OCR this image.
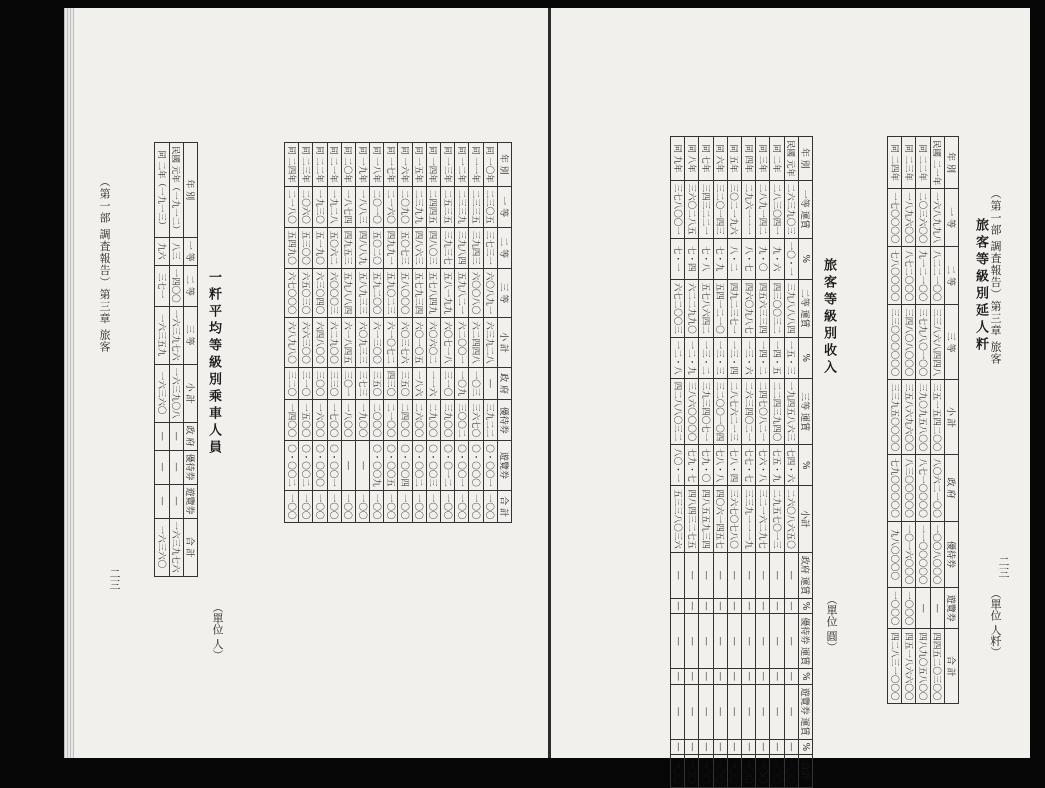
（第一部 調査報告）第三章 旅客
二三
年 別	一 等	二 等	三 等	小 計	政 府	優待券	遊覽券	合 計
民國 元年（一九一二）	八三	一四〇〇	一六三九七六	一六三九〇八	―	―	―	一六三九七六
同 二年（一九一三）	九六	三七一	一六三五九	一六三六〇	―	―	―	一六三六〇
一粁平均等級別乘車人員
（單位 人）
年 別	一 等	二 等	三 等	小 計	政 府	優待券	遊覽券	合 計
同 一〇年	二三〇五	三七三一	六〇八九一	六三九二八	―	三九二二	〇・〇〇一	一〇〇
同 一一年	二三三五	三九四三	六〇〇八〇	六二四四八	一〇三	三六七〇	〇・〇〇〇	一〇〇
同 一二年	二三三九	三九八四	五九八二一	六二〇〇一	一〇九	三〇〇二	〇・〇〇一	一〇〇
同 一三年	二五三五	三九三七	五八一九九	六〇七一八	三一〇	三九〇〇	〇・〇一二	一〇〇
同 一四年	二四四五	四八〇三	五七八四九	六〇六〇二	一一六	二九〇〇	〇・〇〇三	一〇〇
同 一五年	二三九九	四八六三	五七九三四	六〇一〇五	一八六	二六〇〇	〇・〇〇二	一〇〇
同 一六年	二〇九〇	五〇七三	五八〇〇〇	六〇三七六	三五〇	二四〇〇	〇・〇〇四	一〇〇
同 一七年	二一六〇	四九九一	五九〇二三	六一〇七二	四三〇	二一〇〇	〇・〇〇五	一〇〇
同 一八年	二〇一〇	五〇二〇	五九二〇〇	六一三〇〇	三五〇	二〇〇〇	〇・〇〇九	一〇〇
同 一九年	一八八三	四八八九	五八九三三	六〇九三三	三七三	一九〇〇	―	一〇〇
同 二〇年	一八七四	四九五三	五九八八四	六一八四五	三〇一	一八〇〇	―	一〇〇
同 二一年	一九二八	五〇六二	六〇〇〇三	六二九〇〇	三三〇	一七〇〇	〇・〇〇一	一〇〇
同 二二年	一九三〇	五一九〇	六三〇四〇	六四八〇〇	三〇〇	一六〇〇	〇・〇〇〇	一〇〇
同 二三年	二〇六〇	五三〇〇	六五〇三〇	六六三〇〇	三一〇	一五〇〇	〇・〇〇二	一〇〇
同 二四年	二一八〇	五四九〇	六七〇〇〇	六八九八〇	三二〇	一四〇〇	〇・〇〇二	一〇〇
年 別	一等 運賃	%	二等 運賃	%	三等 運賃	%	小計	政府 運賃	%	優待券 運賃	%	遊覽券 運賃	%	合計
民國 元年	二六三九〇三	一〇・一	三九八八八四	一五・三	一九四五八六三	七四・六	二六〇八六五〇	―	―	―	―	―	―	一〇〇
同 二年	二八三〇四一	九・六	四三〇〇三二	一四・五	二二四三九四〇	七五・九	二九五七〇一三	―	―	―	―	―	―	一〇〇
同 三年	二八九一四二	九・〇	四五六三三四	一四・二	二四七〇八二一	七六・八	三二一六二九七	―	―	―	―	―	―	一〇〇
同 四年	二九六一一一	八・七	四六〇九八七	一三・六	二六三四〇二一	七七・七	三三九一一一九	―	―	―	―	―	―	一〇〇
同 五年	三〇二一九六	八・二	四九二三七一	一三・四	二八七六二一三	七八・四	三六七〇七八〇	―	―	―	―	―	―	一〇〇
同 六年	三二〇一四三	七・九	五四一二一〇	一三・三	三二〇〇一〇四	七八・八	四〇六一四五七	―	―	―	―	―	―	一〇〇
同 七年	三四三二二一	七・八	五七八六四二	一三・二	三九三四〇七一	七九・〇	四八五五九三四	―	―	―	―	―	―	一〇〇
同 八年	三六〇二八五	七・四	六二二九九〇	一二・九	三八六〇〇〇〇	七九・七	四八四三二七五	―	―	―	―	―	―	一〇〇
同 九年	三七八〇〇一	七・一	六七二〇〇三	一二・八	四二八八〇三二	八〇・一	五三三八〇三六	―	―	―	―	―	―	一〇〇
旅客等級別收入
（單位 圓）
年 別	一 等	二 等	三 等	小 計	政 府	優待券	遊覽券	合 計
民國 二一年	一六八九九八	八二二一〇〇	三三八六八四四八	三五一五四二〇〇	八〇六二一〇〇	一〇〇八〇〇〇	―	四四五二〇三〇〇
同 二二年	二〇三六〇〇	九一二一〇〇	三七九八〇一〇〇	三九〇九五八〇〇	八七一〇〇〇〇	一一〇〇〇〇〇	―	四八九〇五八〇〇
同 二三年	一八九六〇〇	八七二〇〇〇	三四八〇八〇〇〇	三五八六九六〇〇	八三〇〇〇〇〇	一〇一六〇〇〇	一〇〇〇	四五一八六六〇〇
同 二四年	一七〇〇〇〇	七八〇〇〇〇	三三〇〇〇〇〇〇	三三九五〇〇〇〇	七九〇〇〇〇〇	九八〇〇〇〇	一〇〇〇	四二八三一〇〇〇
旅客等級別延人粁 （第一部 調査報告）第三章 旅客
（單位 人粁）
二三
